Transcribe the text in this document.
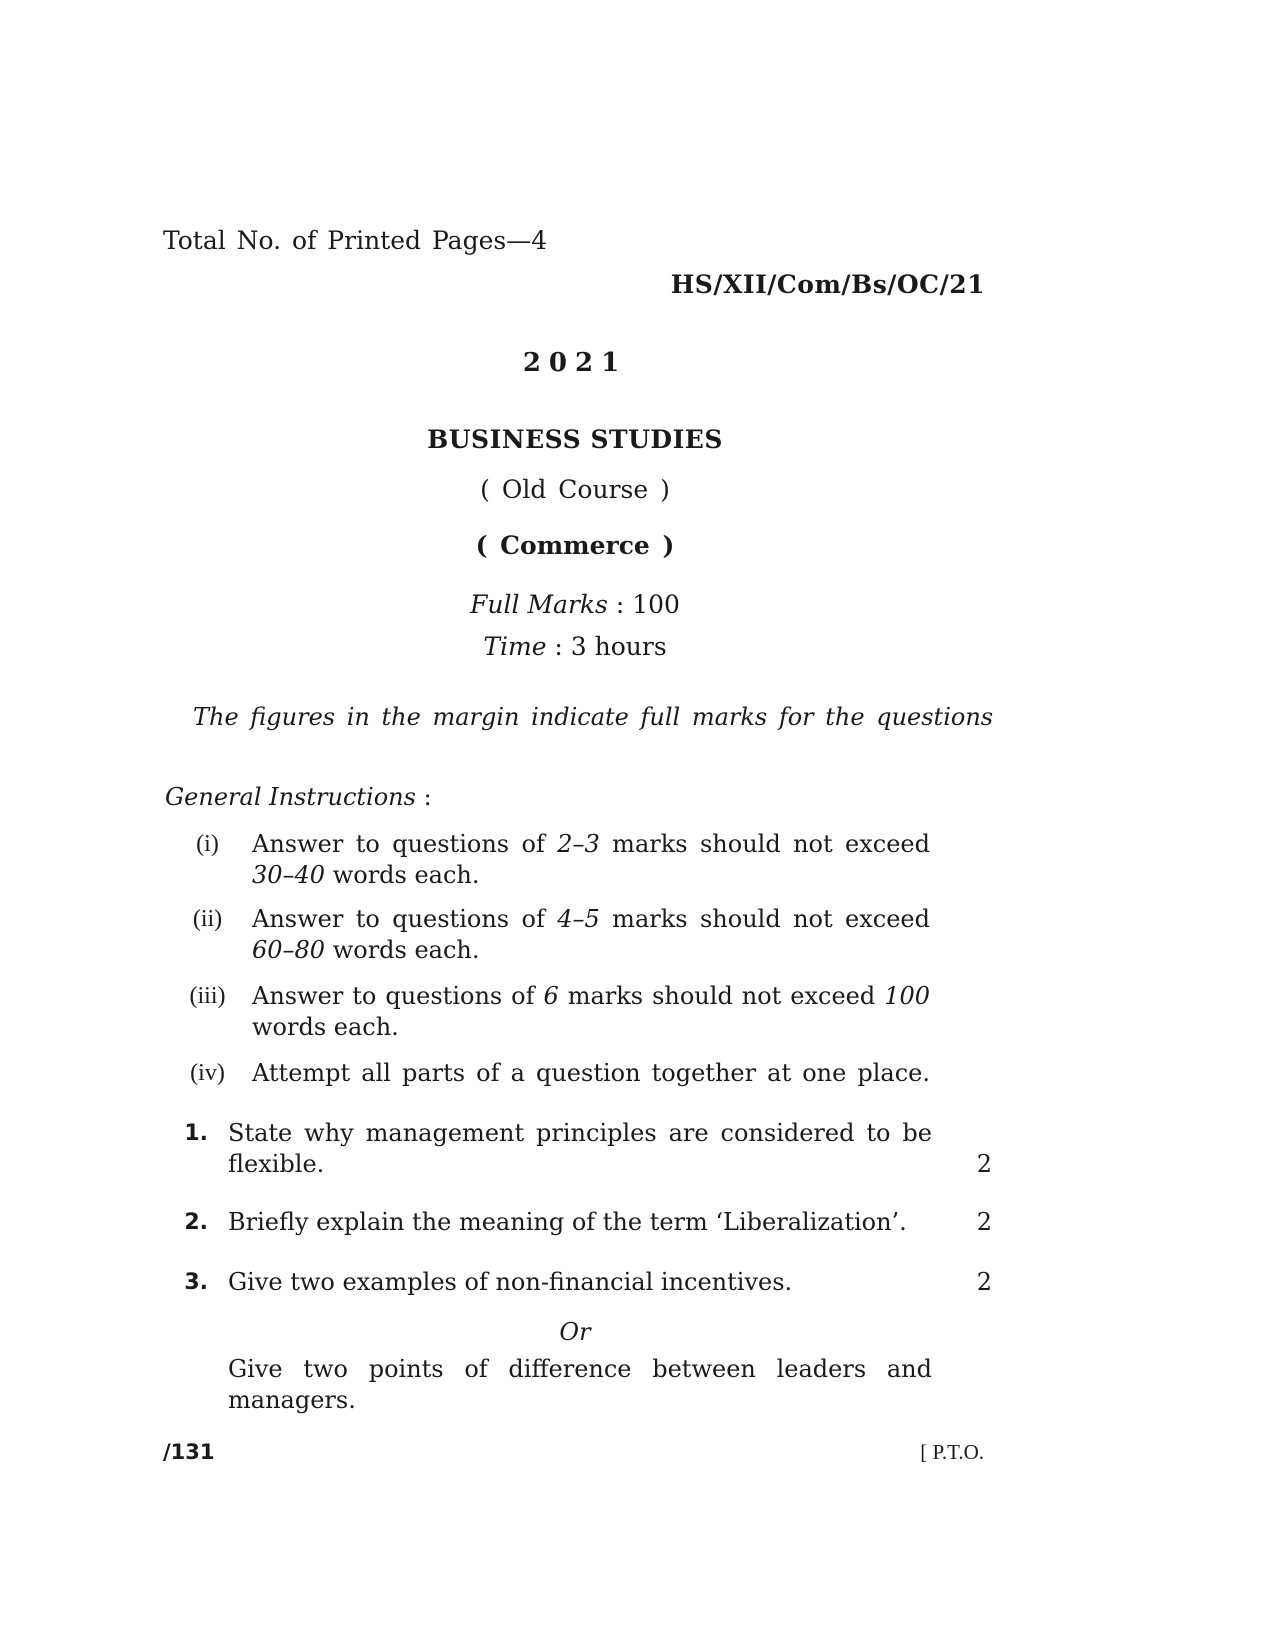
Total No. of Printed Pages—4
HS/XII/Com/Bs/OC/21
2021
BUSINESS STUDIES
( Old Course )
( Commerce )
Full Marks : 100
Time : 3 hours
The figures in the margin indicate full marks for the questions
General Instructions :
(i)	Answer to questions of 2–3 marks should not exceed
30–40 words each.
(ii)	Answer to questions of 4–5 marks should not exceed
60–80 words each.
(iii) Answer to questions of 6 marks should not exceed 100
words each.
(iv) Attempt all parts of a question together at one place.
1. State why management principles are considered to be
flexible.	2
2. Briefly explain the meaning of the term ‘Liberalization’.	2
3. Give two examples of non-financial incentives.	2
Or
Give two points of difference between leaders and
managers.
/131	[ P.T.O.
